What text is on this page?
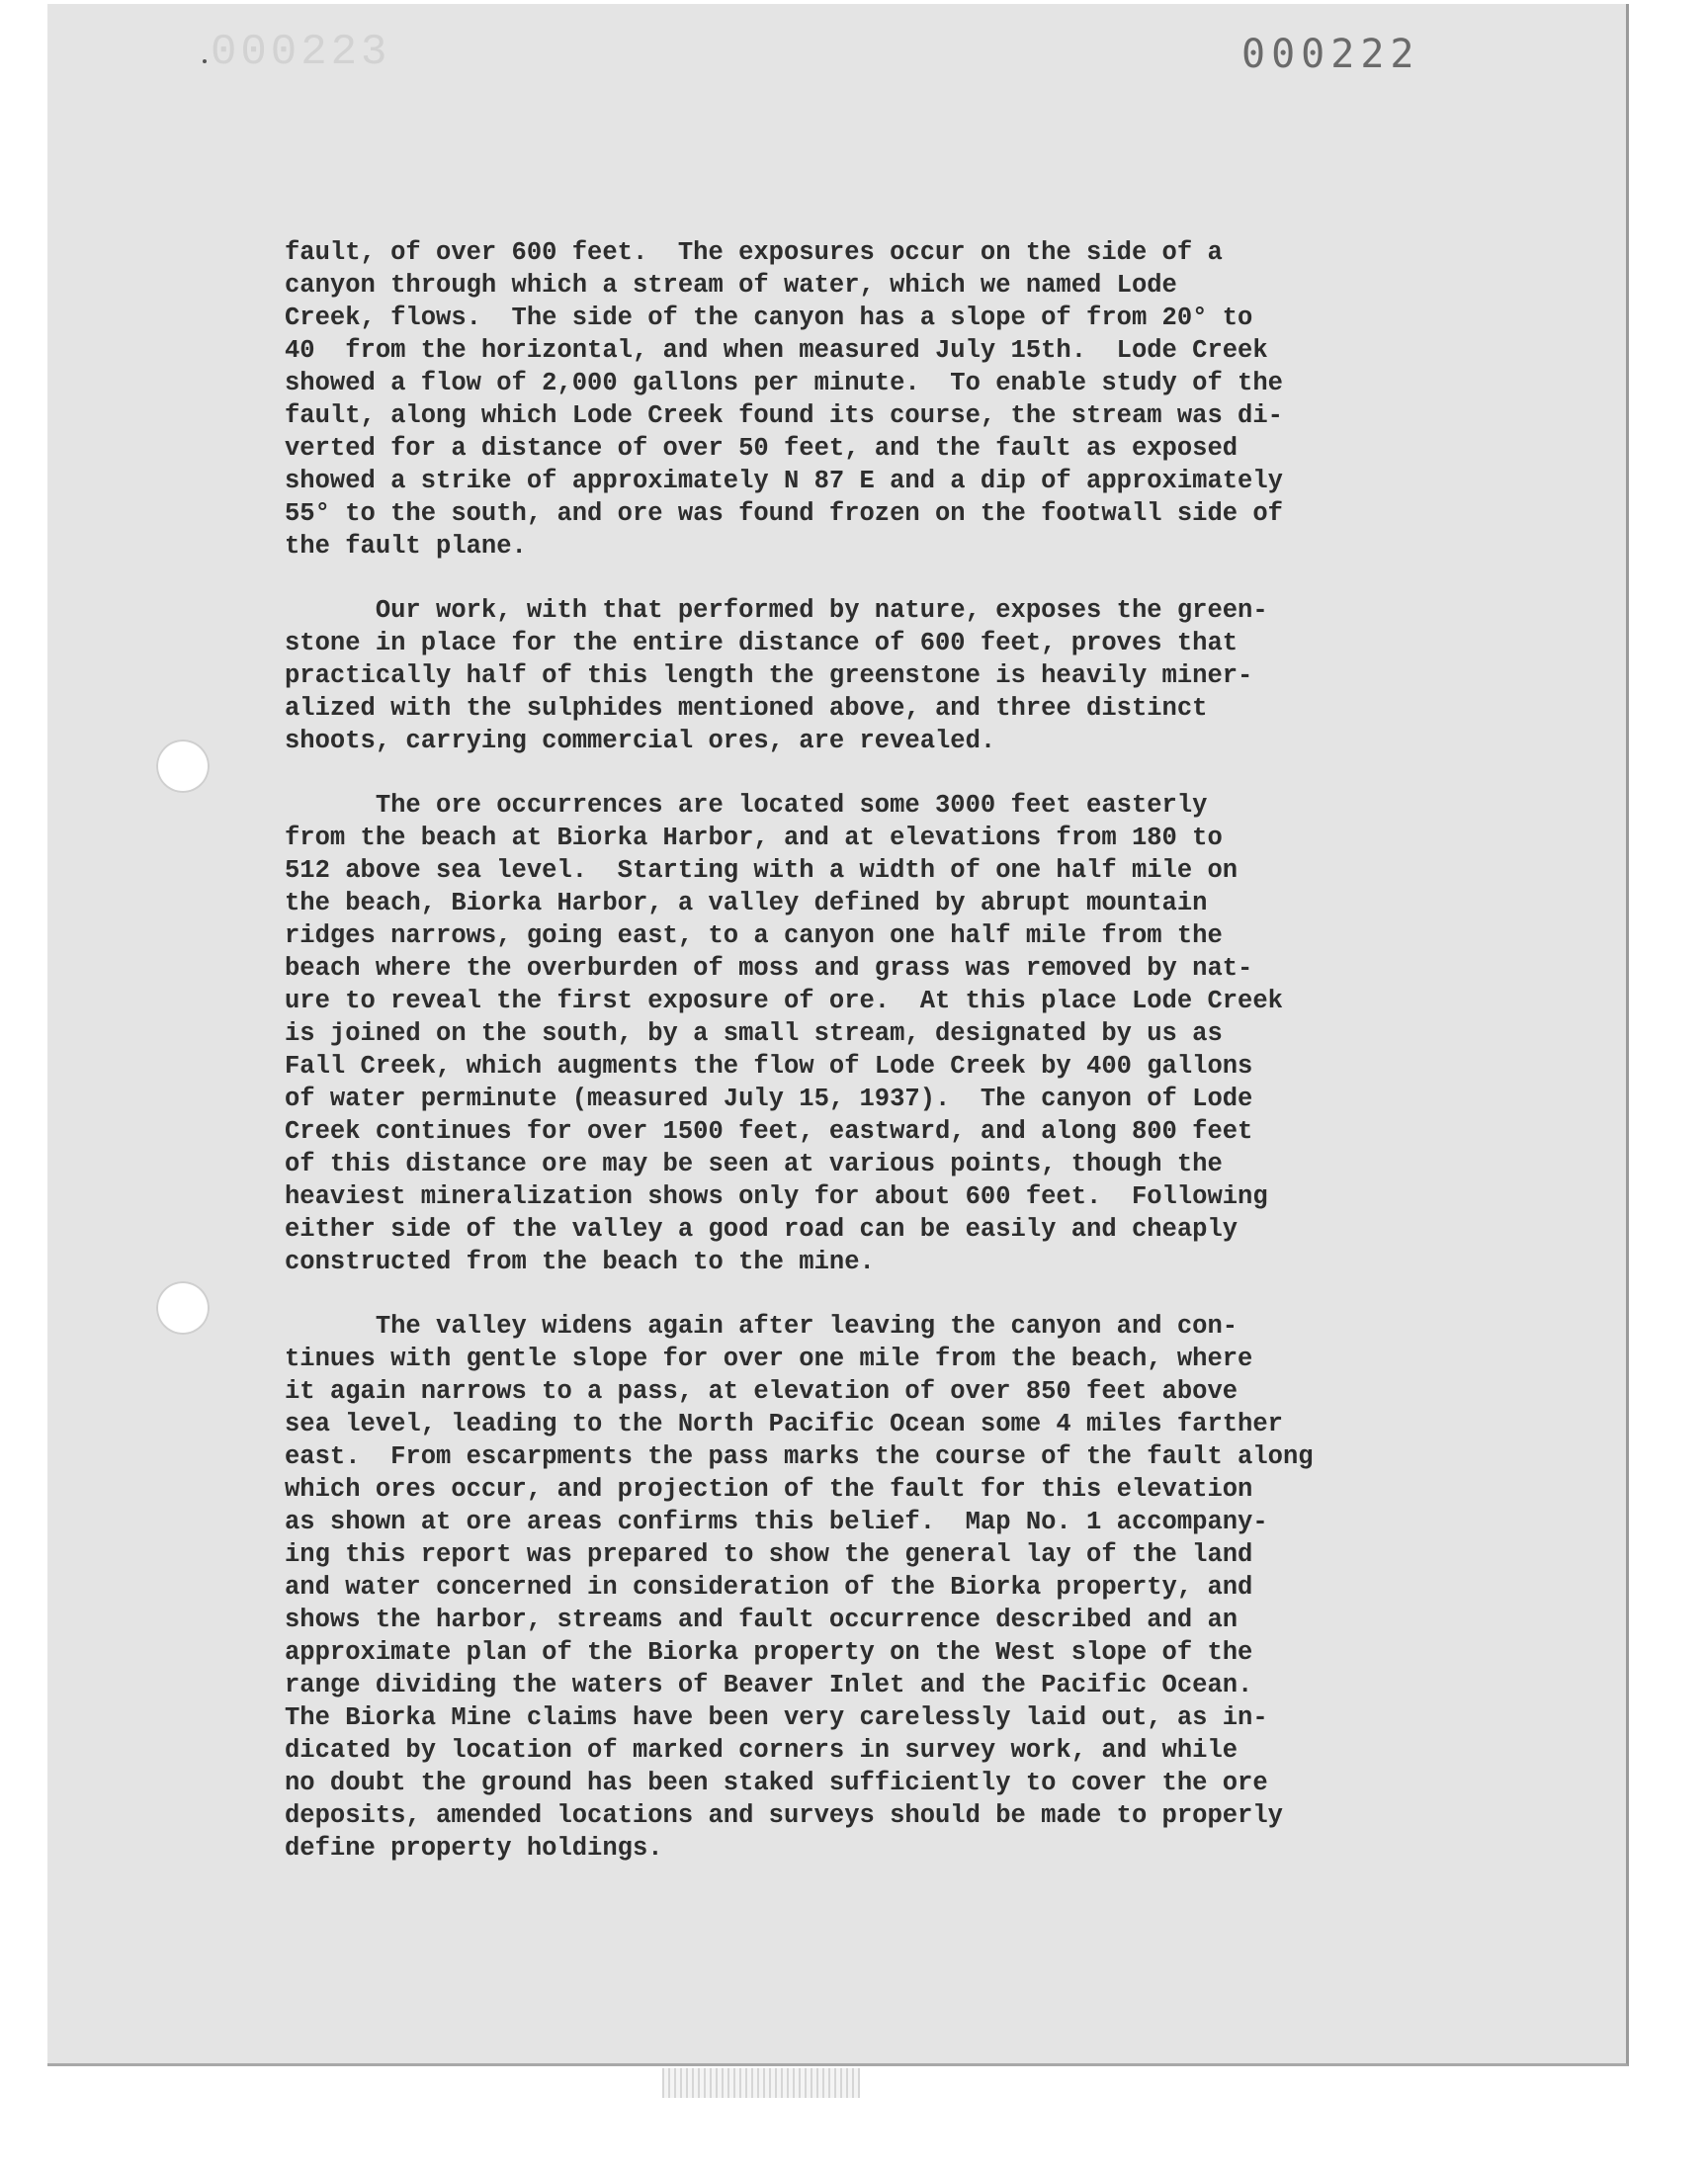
000223	000222
fault, of over 600 feet.  The exposures occur on the side of a
canyon through which a stream of water, which we named Lode
Creek, flows.  The side of the canyon has a slope of from 20° to
40  from the horizontal, and when measured July 15th.  Lode Creek
showed a flow of 2,000 gallons per minute.  To enable study of the
fault, along which Lode Creek found its course, the stream was di-
verted for a distance of over 50 feet, and the fault as exposed
showed a strike of approximately N 87 E and a dip of approximately
55° to the south, and ore was found frozen on the footwall side of
the fault plane.
Our work, with that performed by nature, exposes the green-
stone in place for the entire distance of 600 feet, proves that
practically half of this length the greenstone is heavily miner-
alized with the sulphides mentioned above, and three distinct
shoots, carrying commercial ores, are revealed.
The ore occurrences are located some 3000 feet easterly
from the beach at Biorka Harbor, and at elevations from 180 to
512 above sea level.  Starting with a width of one half mile on
the beach, Biorka Harbor, a valley defined by abrupt mountain
ridges narrows, going east, to a canyon one half mile from the
beach where the overburden of moss and grass was removed by nat-
ure to reveal the first exposure of ore.  At this place Lode Creek
is joined on the south, by a small stream, designated by us as
Fall Creek, which augments the flow of Lode Creek by 400 gallons
of water perminute (measured July 15, 1937).  The canyon of Lode
Creek continues for over 1500 feet, eastward, and along 800 feet
of this distance ore may be seen at various points, though the
heaviest mineralization shows only for about 600 feet.  Following
either side of the valley a good road can be easily and cheaply
constructed from the beach to the mine.
The valley widens again after leaving the canyon and con-
tinues with gentle slope for over one mile from the beach, where
it again narrows to a pass, at elevation of over 850 feet above
sea level, leading to the North Pacific Ocean some 4 miles farther
east.  From escarpments the pass marks the course of the fault along
which ores occur, and projection of the fault for this elevation
as shown at ore areas confirms this belief.  Map No. 1 accompany-
ing this report was prepared to show the general lay of the land
and water concerned in consideration of the Biorka property, and
shows the harbor, streams and fault occurrence described and an
approximate plan of the Biorka property on the West slope of the
range dividing the waters of Beaver Inlet and the Pacific Ocean.
The Biorka Mine claims have been very carelessly laid out, as in-
dicated by location of marked corners in survey work, and while
no doubt the ground has been staked sufficiently to cover the ore
deposits, amended locations and surveys should be made to properly
define property holdings.
